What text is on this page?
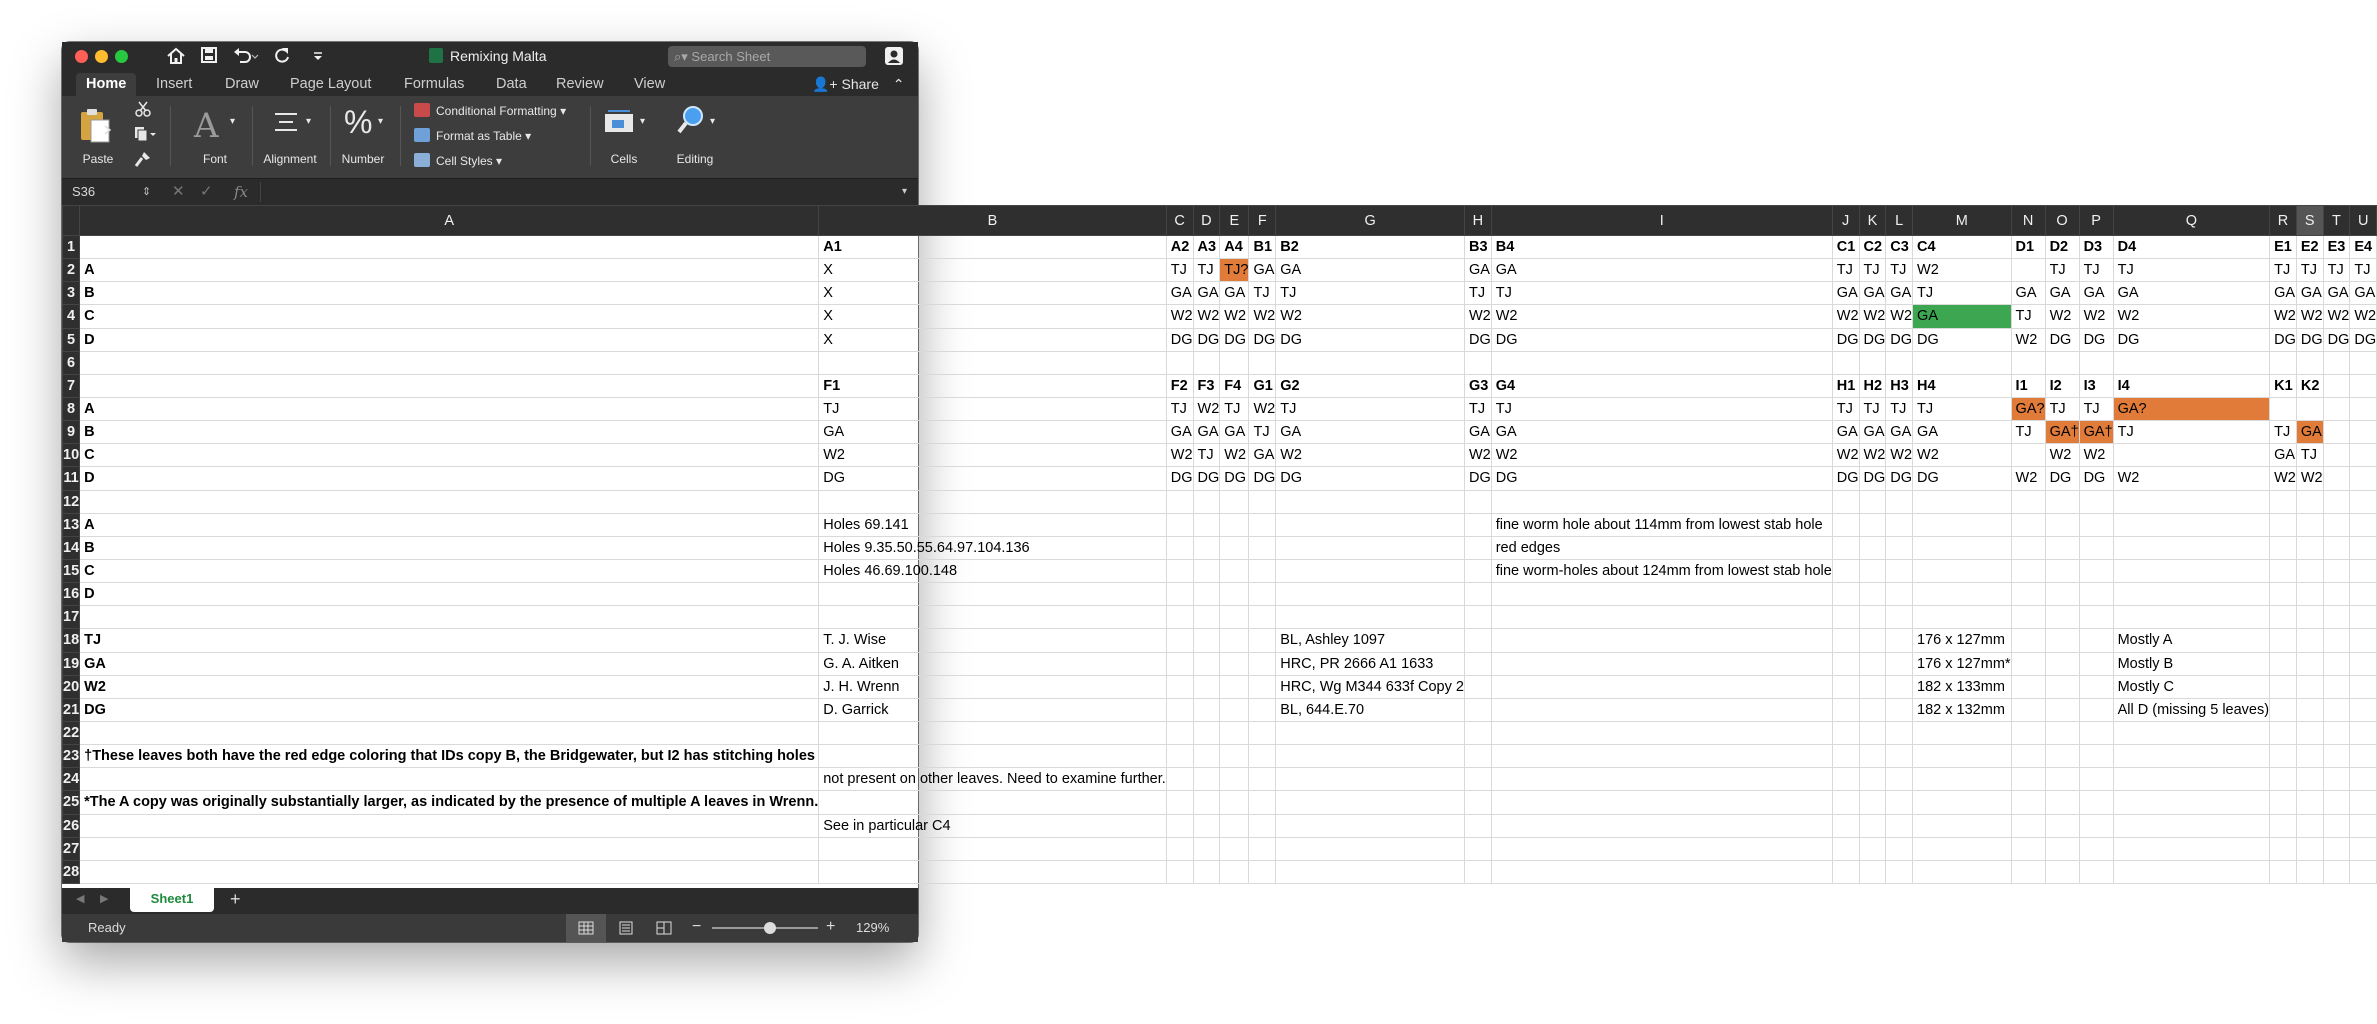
Remixing Malta	⌕▾ Search Sheet
Home	Insert	Draw	Page Layout	Formulas	Data	Review	View	👤+ Share ⌃
Paste
A ▾
Font
▾
Alignment
% ▾
Number
Conditional Formatting ▾
Format as Table ▾
Cell Styles ▾
▾
Cells
▾
Editing
S36	⇕ ✕ ✓ fx	▾
	A	B	C	D	E	F	G	H	I	J	K	L	M	N	O	P	Q	R	S	T	U
1		A1	A2	A3	A4	B1	B2	B3	B4	C1	C2	C3	C4	D1	D2	D3	D4	E1	E2	E3	E4
2	A	X	TJ	TJ	TJ?	GA	GA	GA	GA	TJ	TJ	TJ	W2		TJ	TJ	TJ	TJ	TJ	TJ	TJ
3	B	X	GA	GA	GA	TJ	TJ	TJ	TJ	GA	GA	GA	TJ	GA	GA	GA	GA	GA	GA	GA	GA
4	C	X	W2	W2	W2	W2	W2	W2	W2	W2	W2	W2	GA	TJ	W2	W2	W2	W2	W2	W2	W2
5	D	X	DG	DG	DG	DG	DG	DG	DG	DG	DG	DG	DG	W2	DG	DG	DG	DG	DG	DG	DG
6																					
7		F1	F2	F3	F4	G1	G2	G3	G4	H1	H2	H3	H4	I1	I2	I3	I4	K1	K2		
8	A	TJ	TJ	W2	TJ	W2	TJ	TJ	TJ	TJ	TJ	TJ	TJ	GA?	TJ	TJ	GA?				
9	B	GA	GA	GA	GA	TJ	GA	GA	GA	GA	GA	GA	GA	TJ	GA†	GA†	TJ	TJ	GA		
10	C	W2	W2	TJ	W2	GA	W2	W2	W2	W2	W2	W2	W2		W2	W2		GA	TJ		
11	D	DG	DG	DG	DG	DG	DG	DG	DG	DG	DG	DG	DG	W2	DG	DG	W2	W2	W2		
12																					
13	A	Holes 69.141							fine worm hole about 114mm from lowest stab hole												
14	B	Holes 9.35.50.55.64.97.104.136							red edges												
15	C	Holes 46.69.100.148							fine worm-holes about 124mm from lowest stab hole												
16	D																				
17																					
18	TJ	T. J. Wise					BL, Ashley 1097						176 x 127mm				Mostly A				
19	GA	G. A. Aitken					HRC, PR 2666 A1 1633						176 x 127mm*				Mostly B				
20	W2	J. H. Wrenn					HRC, Wg M344 633f Copy 2						182 x 133mm				Mostly C				
21	DG	D. Garrick					BL, 644.E.70						182 x 132mm				All D (missing 5 leaves)				
22																					
23	†These leaves both have the red edge coloring that IDs copy B, the Bridgewater, but I2 has stitching holes																				
24		not present on other leaves. Need to examine further.																			
25	*The A copy was originally substantially larger, as indicated by the presence of multiple A leaves in Wrenn.																				
26		See in particular C4																			
27																					
28																					
◀ ▶	Sheet1	+
Ready	−	+ 129%
